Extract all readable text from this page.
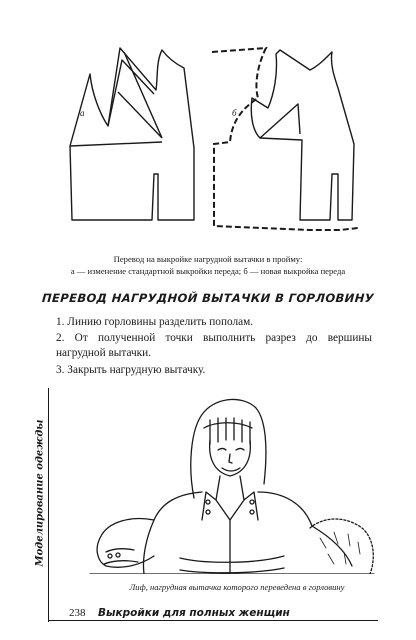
а	б
Перевод на выкройке нагрудной вытачки в пройму:
а — изменение стандартной выкройки переда; б — новая выкройка переда
ПЕРЕВОД НАГРУДНОЙ ВЫТАЧКИ В ГОРЛОВИНУ
1. Линию горловины разделить пополам.
2. От полученной точки выполнить разрез до вершины нагрудной вытачки.
3. Закрыть нагрудную вытачку.
Моделирование одежды
Лиф, нагрудная вытачка которого переведена в горловину
238 Выкройки для полных женщин
